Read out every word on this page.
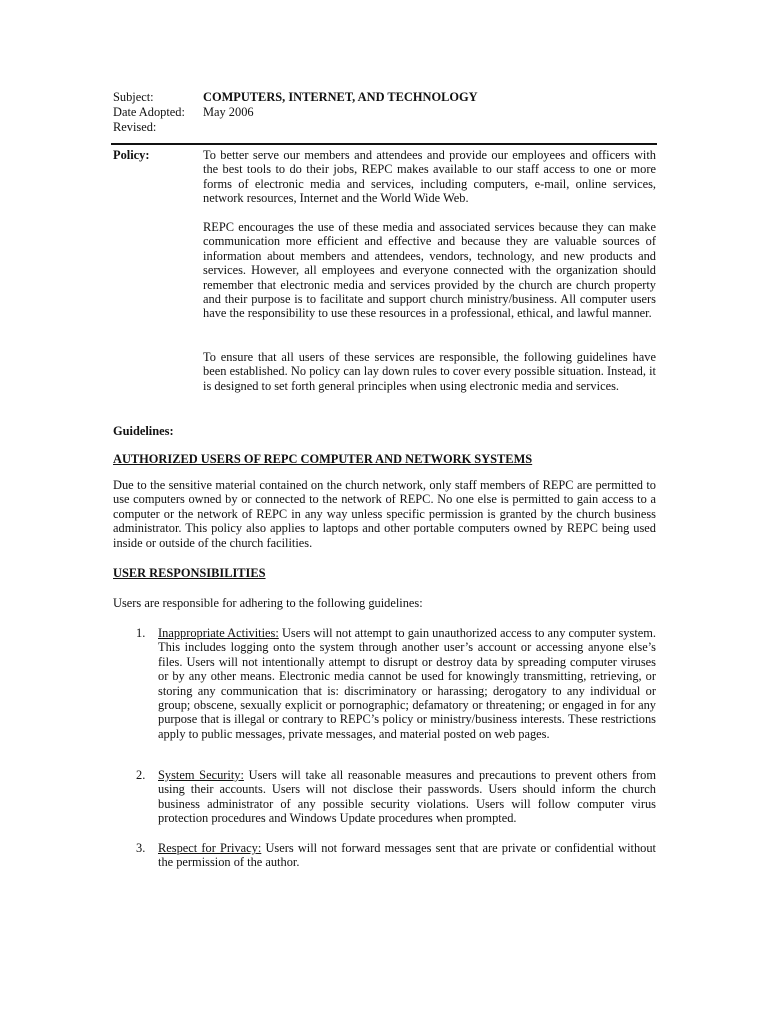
Subject:	COMPUTERS, INTERNET, AND TECHNOLOGY
Date Adopted: May 2006
Revised:
Policy:	To better serve our members and attendees and provide our employees and officers with the best tools to do their jobs, REPC makes available to our staff access to one or more forms of electronic media and services, including computers, e-mail, online services, network resources, Internet and the World Wide Web.

REPC encourages the use of these media and associated services because they can make communication more efficient and effective and because they are valuable sources of information about members and attendees, vendors, technology, and new products and services. However, all employees and everyone connected with the organization should remember that electronic media and services provided by the church are church property and their purpose is to facilitate and support church ministry/business. All computer users have the responsibility to use these resources in a professional, ethical, and lawful manner.

To ensure that all users of these services are responsible, the following guidelines have been established. No policy can lay down rules to cover every possible situation. Instead, it is designed to set forth general principles when using electronic media and services.

Guidelines:
AUTHORIZED USERS OF REPC COMPUTER AND NETWORK SYSTEMS

Due to the sensitive material contained on the church network, only staff members of REPC are permitted to use computers owned by or connected to the network of REPC. No one else is permitted to gain access to a computer or the network of REPC in any way unless specific permission is granted by the church business administrator. This policy also applies to laptops and other portable computers owned by REPC being used inside or outside of the church facilities.

USER RESPONSIBILITIES

Users are responsible for adhering to the following guidelines:

1. Inappropriate Activities: Users will not attempt to gain unauthorized access to any computer system. This includes logging onto the system through another user’s account or accessing anyone else’s files. Users will not intentionally attempt to disrupt or destroy data by spreading computer viruses or by any other means. Electronic media cannot be used for knowingly transmitting, retrieving, or storing any communication that is: discriminatory or harassing; derogatory to any individual or group; obscene, sexually explicit or pornographic; defamatory or threatening; or engaged in for any purpose that is illegal or contrary to REPC’s policy or ministry/business interests. These restrictions apply to public messages, private messages, and material posted on web pages.

2. System Security: Users will take all reasonable measures and precautions to prevent others from using their accounts. Users will not disclose their passwords. Users should inform the church business administrator of any possible security violations. Users will follow computer virus protection procedures and Windows Update procedures when prompted.

3. Respect for Privacy: Users will not forward messages sent that are private or confidential without the permission of the author.
